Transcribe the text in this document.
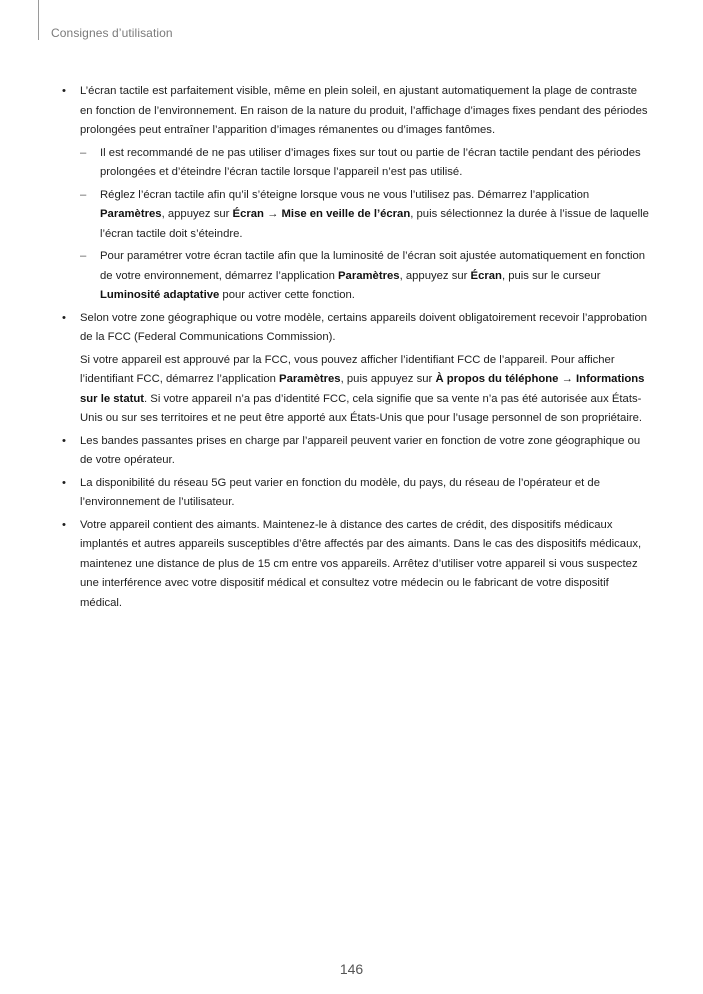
Consignes d’utilisation
• L’écran tactile est parfaitement visible, même en plein soleil, en ajustant automatiquement la plage de contraste en fonction de l’environnement. En raison de la nature du produit, l’affichage d’images fixes pendant des périodes prolongées peut entraîner l’apparition d’images rémanentes ou d’images fantômes.

– Il est recommandé de ne pas utiliser d’images fixes sur tout ou partie de l’écran tactile pendant des périodes prolongées et d’éteindre l’écran tactile lorsque l’appareil n’est pas utilisé.
– Réglez l’écran tactile afin qu’il s’éteigne lorsque vous ne vous l’utilisez pas. Démarrez l’application Paramètres, appuyez sur Écran → Mise en veille de l’écran, puis sélectionnez la durée à l’issue de laquelle l’écran tactile doit s’éteindre.
– Pour paramétrer votre écran tactile afin que la luminosité de l’écran soit ajustée automatiquement en fonction de votre environnement, démarrez l’application Paramètres, appuyez sur Écran, puis sur le curseur Luminosité adaptative pour activer cette fonction.
• Selon votre zone géographique ou votre modèle, certains appareils doivent obligatoirement recevoir l’approbation de la FCC (Federal Communications Commission).

Si votre appareil est approuvé par la FCC, vous pouvez afficher l’identifiant FCC de l’appareil. Pour afficher l’identifiant FCC, démarrez l’application Paramètres, puis appuyez sur À propos du téléphone → Informations sur le statut. Si votre appareil n’a pas d’identité FCC, cela signifie que sa vente n’a pas été autorisée aux États-Unis ou sur ses territoires et ne peut être apporté aux États-Unis que pour l’usage personnel de son propriétaire.

• Les bandes passantes prises en charge par l’appareil peuvent varier en fonction de votre zone géographique ou de votre opérateur.

• La disponibilité du réseau 5G peut varier en fonction du modèle, du pays, du réseau de l’opérateur et de l’environnement de l’utilisateur.

• Votre appareil contient des aimants. Maintenez-le à distance des cartes de crédit, des dispositifs médicaux implantés et autres appareils susceptibles d’être affectés par des aimants. Dans le cas des dispositifs médicaux, maintenez une distance de plus de 15 cm entre vos appareils. Arrêtez d’utiliser votre appareil si vous suspectez une interférence avec votre dispositif médical et consultez votre médecin ou le fabricant de votre dispositif médical.

146
